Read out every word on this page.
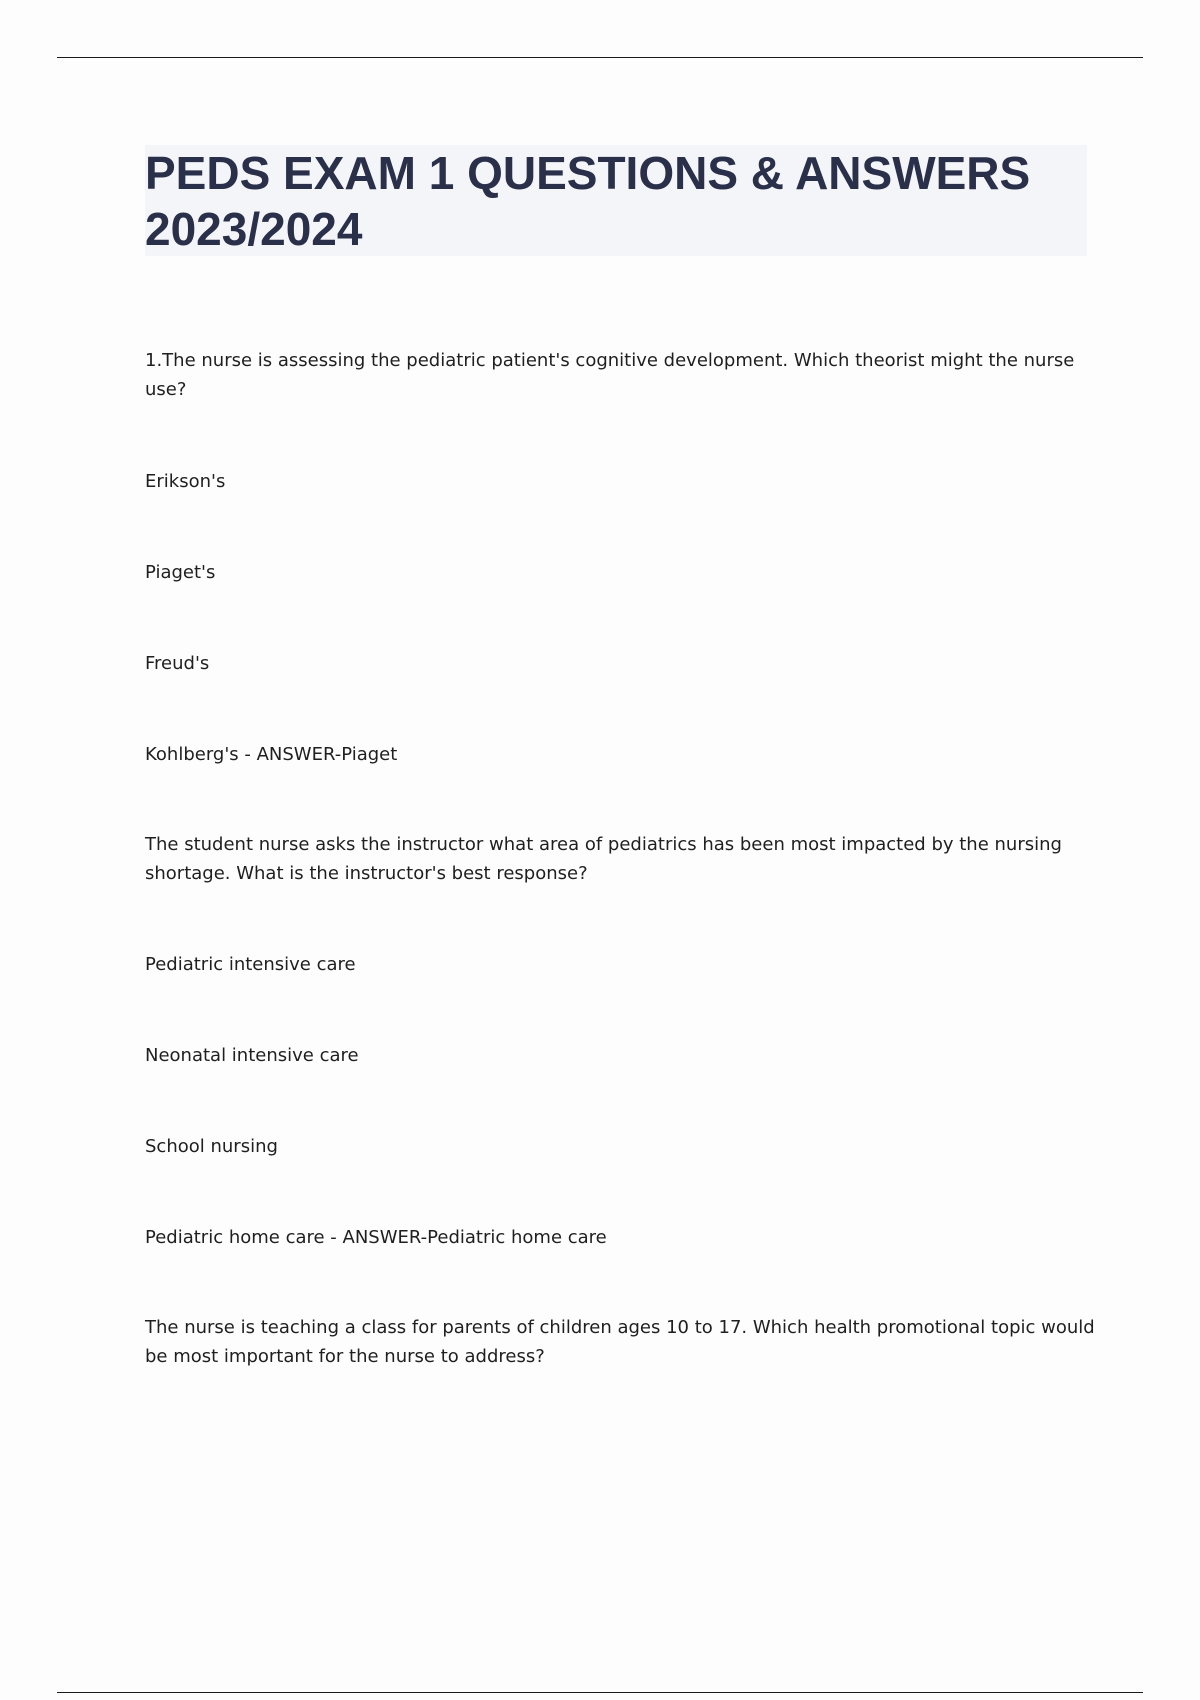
PEDS EXAM 1 QUESTIONS & ANSWERS 2023/2024

1.The nurse is assessing the pediatric patient's cognitive development. Which theorist might the nurse use?

Erikson's

Piaget's

Freud's

Kohlberg's - ANSWER-Piaget

The student nurse asks the instructor what area of pediatrics has been most impacted by the nursing shortage. What is the instructor's best response?

Pediatric intensive care

Neonatal intensive care

School nursing

Pediatric home care - ANSWER-Pediatric home care

The nurse is teaching a class for parents of children ages 10 to 17. Which health promotional topic would be most important for the nurse to address?
